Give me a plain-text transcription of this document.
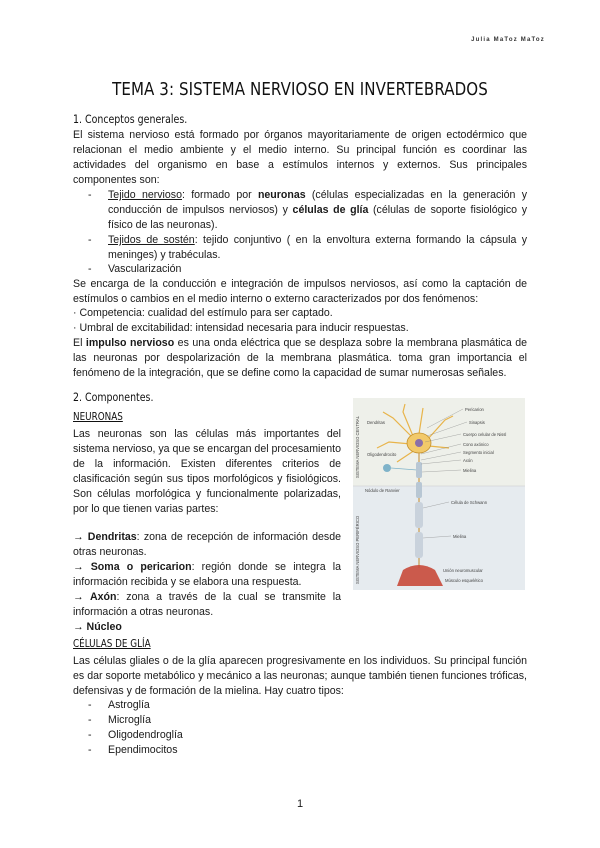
Julia MaToz MaToz
TEMA 3: SISTEMA NERVIOSO EN INVERTEBRADOS
1. Conceptos generales.

El sistema nervioso está formado por órganos mayoritariamente de origen ectodérmico que relacionan el medio ambiente y el medio interno. Su principal función es coordinar las actividades del organismo en base a estímulos internos y externos. Sus principales componentes son:

- Tejido nervioso: formado por neuronas (células especializadas en la generación y conducción de impulsos nerviosos) y células de glía (células de soporte fisiológico y físico de las neuronas).

- Tejidos de sostén: tejido conjuntivo ( en la envoltura externa formando la cápsula y meninges) y trabéculas.

- Vascularización

Se encarga de la conducción e integración de impulsos nerviosos, así como la captación de estímulos o cambios en el medio interno o externo caracterizados por dos fenómenos:

· Competencia: cualidad del estímulo para ser captado.
· Umbral de excitabilidad: intensidad necesaria para inducir respuestas.

El impulso nervioso es una onda eléctrica que se desplaza sobre la membrana plasmática de las neuronas por despolarización de la membrana plasmática. toma gran importancia el fenómeno de la integración, que se define como la capacidad de sumar numerosas señales.

2. Componentes.
NEURONAS

Las neuronas son las células más importantes del sistema nervioso, ya que se encargan del procesamiento de la información. Existen diferentes criterios de clasificación según sus tipos morfológicos y fisiológicos. Son células morfológica y funcionalmente polarizadas, por lo que tienen varias partes:

→ Dendritas: zona de recepción de información desde otras neuronas.

→ Soma o pericarion: región donde se integra la información recibida y se elabora una respuesta.

→ Axón: zona a través de la cual se transmite la información a otras neuronas.

→ Núcleo
CÉLULAS DE GLÍA

Las células gliales o de la glía aparecen progresivamente en los individuos. Su principal función es dar soporte metabólico y mecánico a las neuronas; aunque también tienen funciones tróficas, defensivas y de formación de la mielina. Hay cuatro tipos:

- Astroglía

- Microglía

- Oligodendroglía

- Ependimocitos

SISTEMA NERVIOSO CENTRAL
SISTEMA NERVIOSO PERIFÉRICO
Dendritas
Pericarion
Sinapsis
Cuerpo celular de Nissl
Cono axónico
Segmento inicial
Axón
Mielina
Oligodendrocito
Nódulo de Ranvier
Célula de Schwann
Mielina
Unión neuromuscular
Músculo esquelético
1
